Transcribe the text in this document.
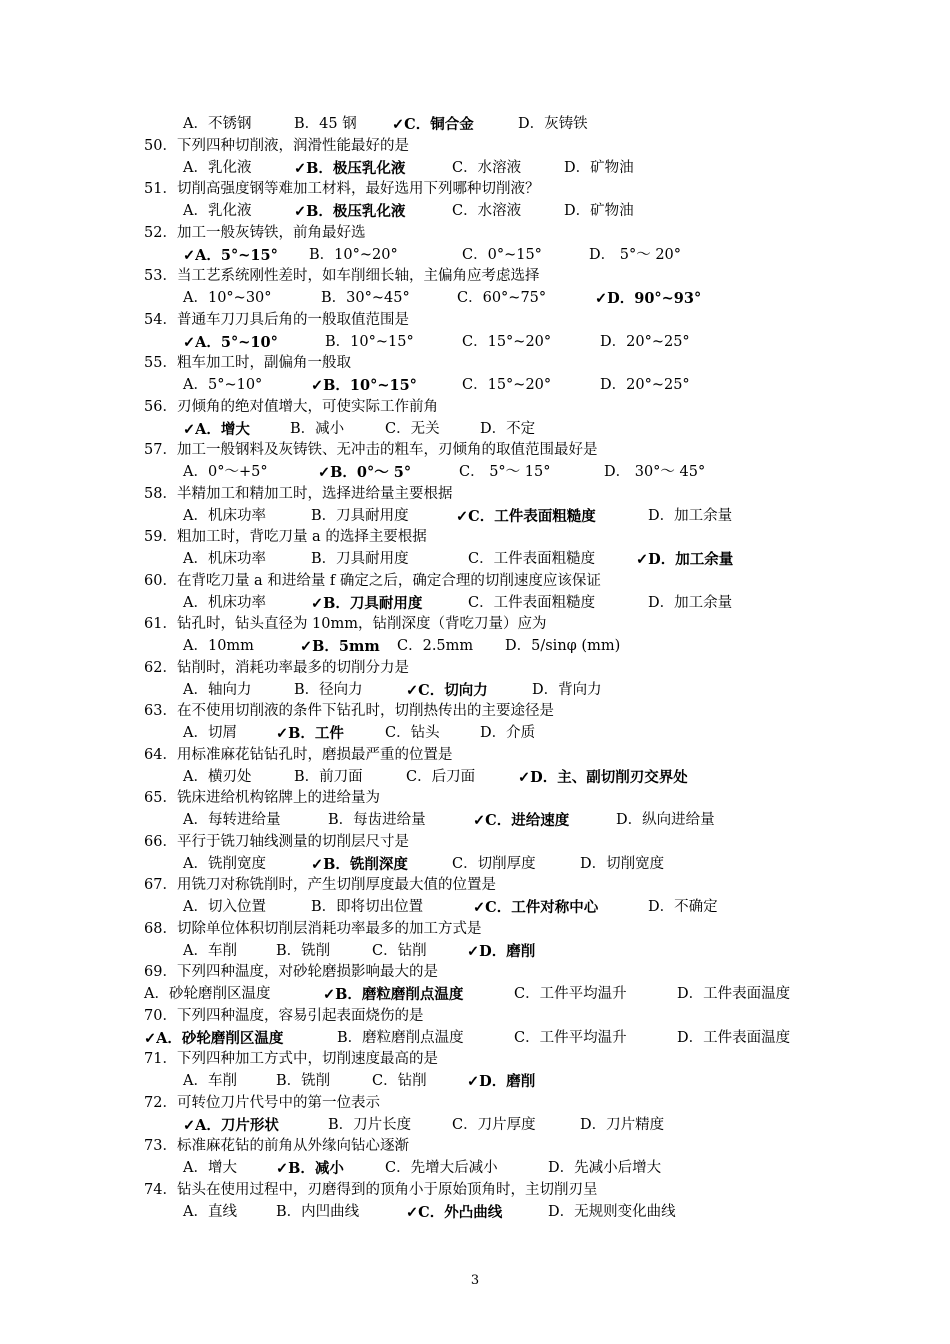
A．不锈钢	B．45 钢 ✓C．铜合金	D．灰铸铁
50．下列四种切削液，润滑性能最好的是
A．乳化液	✓B．极压乳化液	C．水溶液	D．矿物油
51．切削高强度钢等难加工材料，最好选用下列哪种切削液？
A．乳化液	✓B．极压乳化液	C．水溶液	D．矿物油
52．加工一般灰铸铁，前角最好选
✓A．5°~15° B．10°~20°	C．0°~15°	D． 5°～ 20°
53．当工艺系统刚性差时，如车削细长轴，主偏角应考虑选择
A．10°~30°	B．30°~45°	C．60°~75°	✓D．90°~93°
54．普通车刀刀具后角的一般取值范围是
✓A．5°~10°	B．10°~15°	C．15°~20°	D．20°~25°
55．粗车加工时，副偏角一般取
A．5°~10°	✓B．10°~15°	C．15°~20°	D．20°~25°
56．刃倾角的绝对值增大，可使实际工作前角
✓A．增大	B．减小	C．无关	D．不定
57．加工一般钢料及灰铸铁、无冲击的粗车，刃倾角的取值范围最好是
A．0°～+5°	✓B．0°～ 5°	C． 5°～ 15°	D． 30°～ 45°
58．半精加工和精加工时，选择进给量主要根据
A．机床功率	B．刀具耐用度	✓C．工件表面粗糙度	D．加工余量
59．粗加工时，背吃刀量 a 的选择主要根据
A．机床功率	B．刀具耐用度	C．工件表面粗糙度	✓D．加工余量
60．在背吃刀量 a 和进给量 f 确定之后，确定合理的切削速度应该保证
A．机床功率	✓B．刀具耐用度	C．工件表面粗糙度	D．加工余量
61．钻孔时，钻头直径为 10mm，钻削深度（背吃刀量）应为
A．10mm	✓B．5mm C．2.5mm D．5/sinφ (mm)
62．钻削时，消耗功率最多的切削分力是
A．轴向力	B．径向力	✓C．切向力	D．背向力
63．在不使用切削液的条件下钻孔时，切削热传出的主要途径是
A．切屑	✓B．工件	C．钻头	D．介质
64．用标准麻花钻钻孔时，磨损最严重的位置是
A．横刃处	B．前刀面	C．后刀面	✓D．主、副切削刃交界处
65．铣床进给机构铭牌上的进给量为
A．每转进给量	B．每齿进给量	✓C．进给速度	D．纵向进给量
66．平行于铣刀轴线测量的切削层尺寸是
A．铣削宽度	✓B．铣削深度	C．切削厚度	D．切削宽度
67．用铣刀对称铣削时，产生切削厚度最大值的位置是
A．切入位置	B．即将切出位置	✓C．工件对称中心	D．不确定
68．切除单位体积切削层消耗功率最多的加工方式是
A．车削	B．铣削	C．钻削	✓D．磨削
69．下列四种温度，对砂轮磨损影响最大的是
A．砂轮磨削区温度	✓B．磨粒磨削点温度	C．工件平均温升	D．工件表面温度
70．下列四种温度，容易引起表面烧伤的是
✓A．砂轮磨削区温度	B．磨粒磨削点温度	C．工件平均温升	D．工件表面温度
71．下列四种加工方式中，切削速度最高的是
A．车削	B．铣削	C．钻削	✓D．磨削
72．可转位刀片代号中的第一位表示
✓A．刀片形状	B．刀片长度	C．刀片厚度	D．刀片精度
73．标准麻花钻的前角从外缘向钻心逐渐
A．增大	✓B．减小	C．先增大后减小	D．先减小后增大
74．钻头在使用过程中，刃磨得到的顶角小于原始顶角时，主切削刃呈
A．直线	B．内凹曲线	✓C．外凸曲线	D．无规则变化曲线
3
